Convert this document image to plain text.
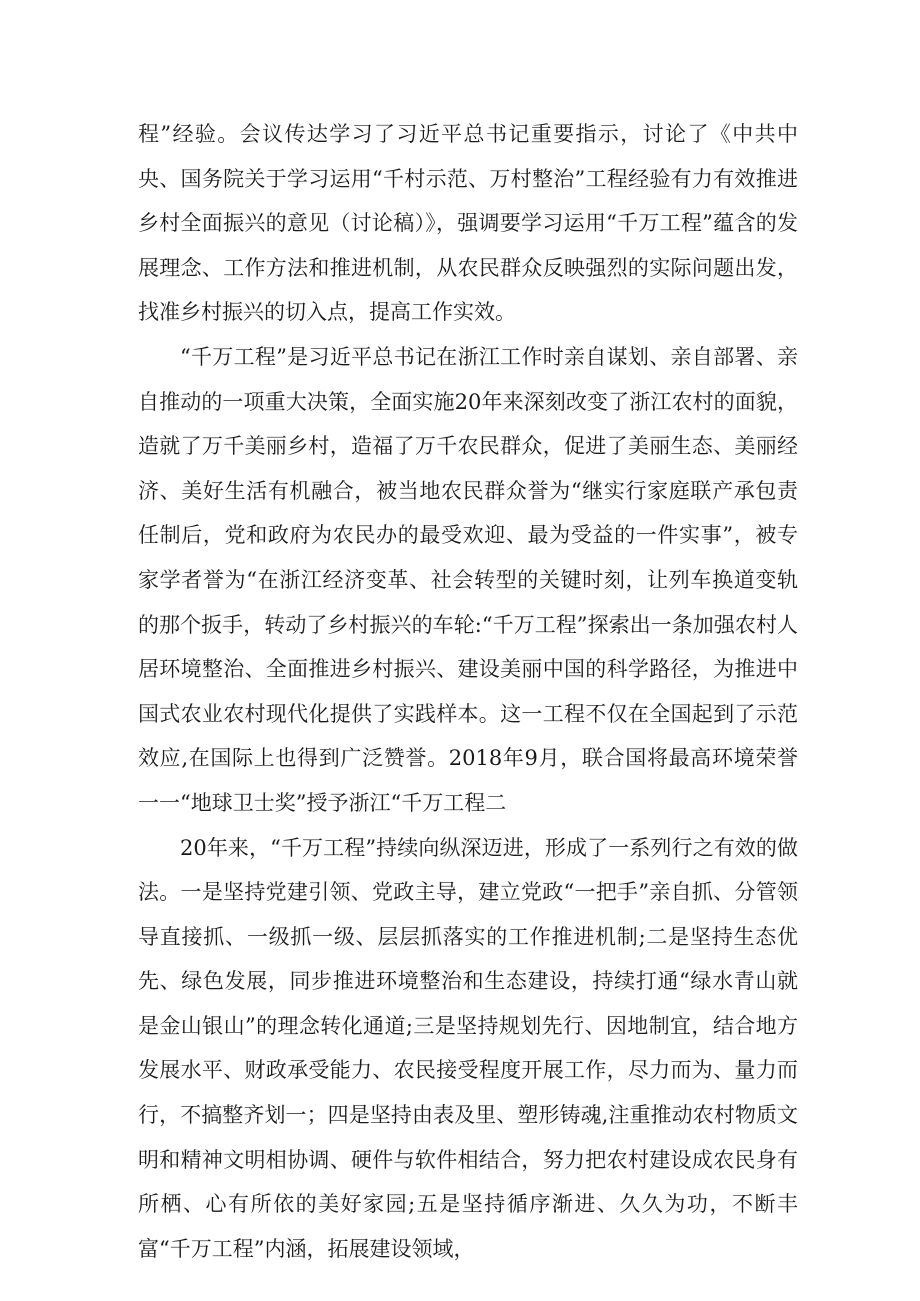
程”经验。会议传达学习了习近平总书记重要指示，讨论了《中共中央、国务院关于学习运用“千村示范、万村整治”工程经验有力有效推进乡村全面振兴的意见（讨论稿）》，强调要学习运用“千万工程”蕴含的发展理念、工作方法和推进机制，从农民群众反映强烈的实际问题出发，找准乡村振兴的切入点，提高工作实效。

“千万工程”是习近平总书记在浙江工作时亲自谋划、亲自部署、亲自推动的一项重大决策，全面实施20年来深刻改变了浙江农村的面貌，造就了万千美丽乡村，造福了万千农民群众，促进了美丽生态、美丽经济、美好生活有机融合，被当地农民群众誉为“继实行家庭联产承包责任制后，党和政府为农民办的最受欢迎、最为受益的一件实事”，被专家学者誉为“在浙江经济变革、社会转型的关键时刻，让列车换道变轨的那个扳手，转动了乡村振兴的车轮:“千万工程”探索出一条加强农村人居环境整治、全面推进乡村振兴、建设美丽中国的科学路径，为推进中国式农业农村现代化提供了实践样本。这一工程不仅在全国起到了示范效应,在国际上也得到广泛赞誉。2018年9月，联合国将最高环境荣誉一一“地球卫士奖”授予浙江“千万工程二

20年来，“千万工程”持续向纵深迈进，形成了一系列行之有效的做法。一是坚持党建引领、党政主导，建立党政“一把手”亲自抓、分管领导直接抓、一级抓一级、层层抓落实的工作推进机制;二是坚持生态优先、绿色发展，同步推进环境整治和生态建设，持续打通“绿水青山就是金山银山”的理念转化通道;三是坚持规划先行、因地制宜，结合地方发展水平、财政承受能力、农民接受程度开展工作，尽力而为、量力而行，不搞整齐划一；四是坚持由表及里、塑形铸魂,注重推动农村物质文明和精神文明相协调、硬件与软件相结合，努力把农村建设成农民身有所栖、心有所依的美好家园;五是坚持循序渐进、久久为功，不断丰富“千万工程”内涵，拓展建设领域，
